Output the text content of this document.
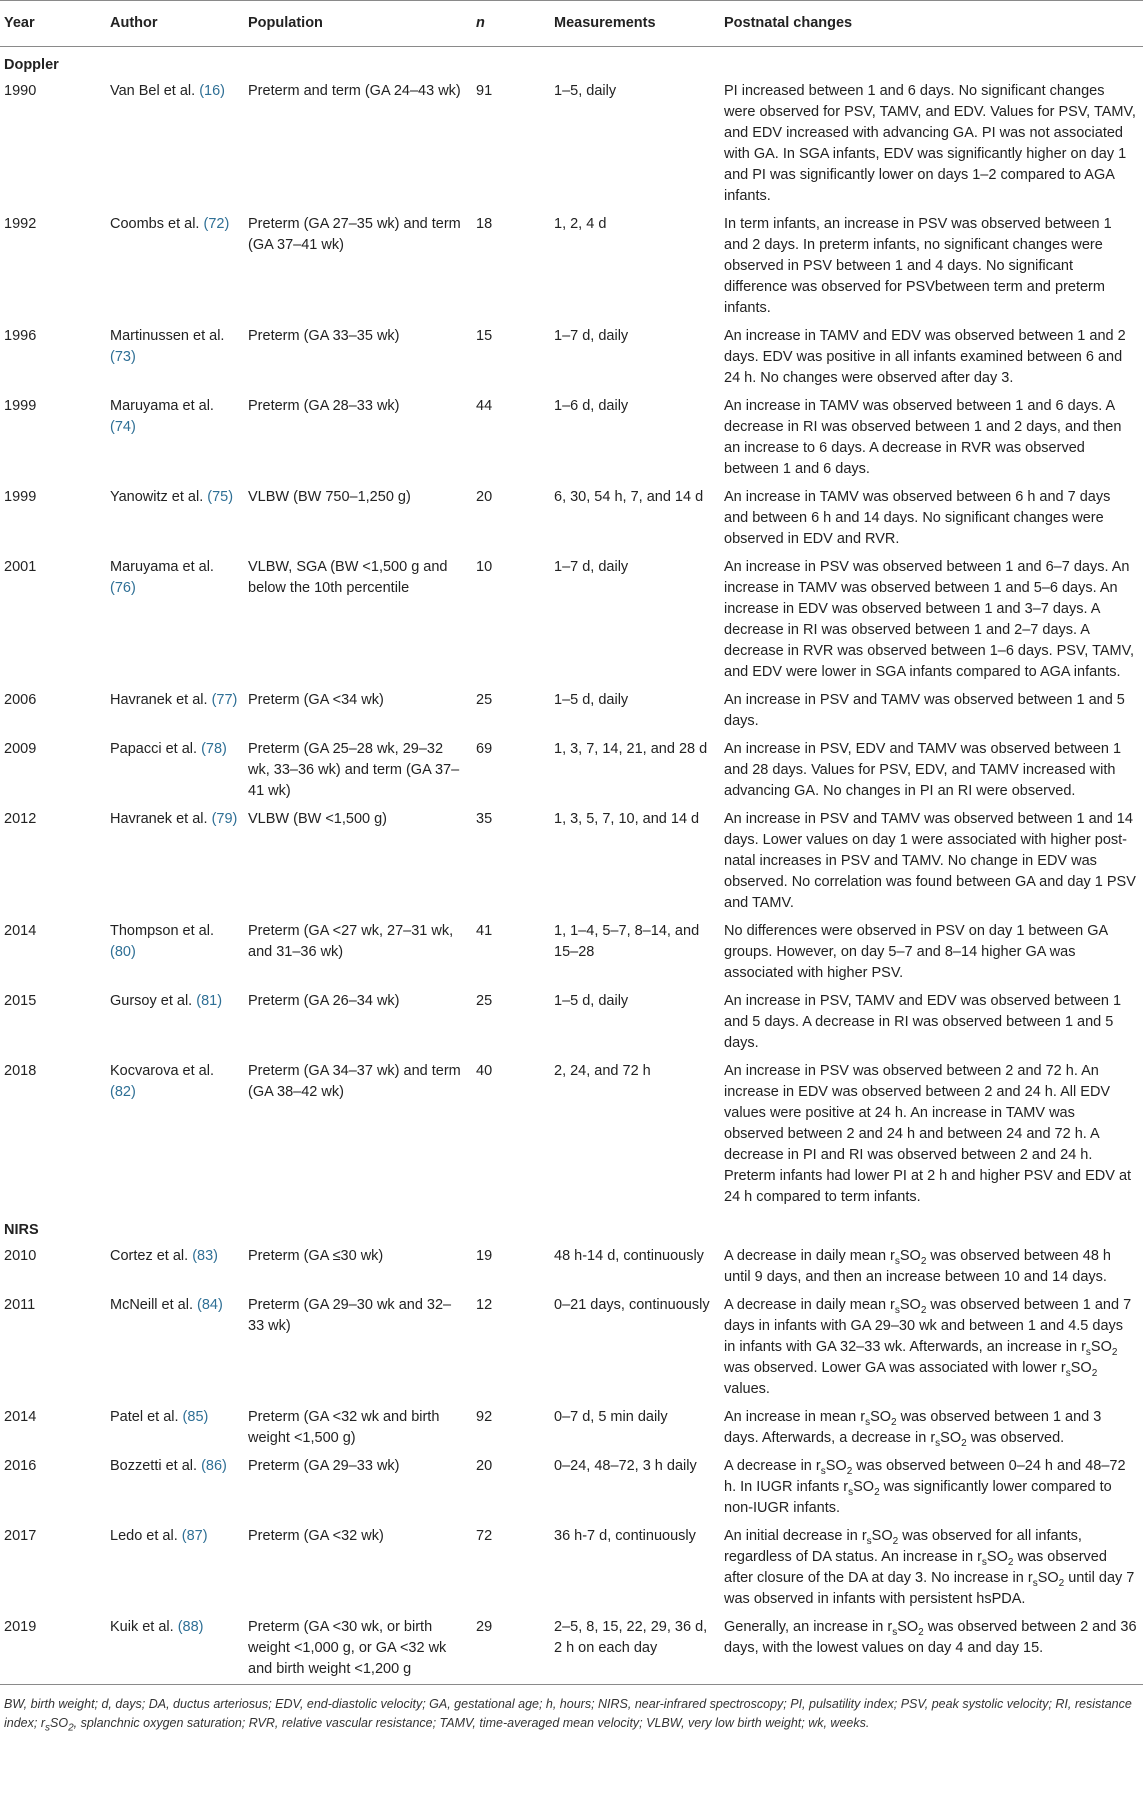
Year	Author	Population	n	Measurements	Postnatal changes
Doppler					
1990	Van Bel et al. (16)	Preterm and term (GA 24–43 wk)	91	1–5, daily	PI increased between 1 and 6 days. No significant changes were observed for PSV, TAMV, and EDV. Values for PSV, TAMV, and EDV increased with advancing GA. PI was not associated with GA. In SGA infants, EDV was significantly higher on day 1 and PI was significantly lower on days 1–2 compared to AGA infants.
1992	Coombs et al. (72)	Preterm (GA 27–35 wk) and term (GA 37–41 wk)	18	1, 2, 4 d	In term infants, an increase in PSV was observed between 1 and 2 days. In preterm infants, no significant changes were observed in PSV between 1 and 4 days. No significant difference was observed for PSVbetween term and preterm infants.
1996	Martinussen et al. (73)	Preterm (GA 33–35 wk)	15	1–7 d, daily	An increase in TAMV and EDV was observed between 1 and 2 days. EDV was positive in all infants examined between 6 and 24 h. No changes were observed after day 3.
1999	Maruyama et al. (74)	Preterm (GA 28–33 wk)	44	1–6 d, daily	An increase in TAMV was observed between 1 and 6 days. A decrease in RI was observed between 1 and 2 days, and then an increase to 6 days. A decrease in RVR was observed between 1 and 6 days.
1999	Yanowitz et al. (75)	VLBW (BW 750–1,250 g)	20	6, 30, 54 h, 7, and 14 d	An increase in TAMV was observed between 6 h and 7 days and between 6 h and 14 days. No significant changes were observed in EDV and RVR.
2001	Maruyama et al. (76)	VLBW, SGA (BW <1,500 g and below the 10th percentile	10	1–7 d, daily	An increase in PSV was observed between 1 and 6–7 days. An increase in TAMV was observed between 1 and 5–6 days. An increase in EDV was observed between 1 and 3–7 days. A decrease in RI was observed between 1 and 2–7 days. A decrease in RVR was observed between 1–6 days. PSV, TAMV, and EDV were lower in SGA infants compared to AGA infants.
2006	Havranek et al. (77)	Preterm (GA <34 wk)	25	1–5 d, daily	An increase in PSV and TAMV was observed between 1 and 5 days.
2009	Papacci et al. (78)	Preterm (GA 25–28 wk, 29–32 wk, 33–36 wk) and term (GA 37–41 wk)	69	1, 3, 7, 14, 21, and 28 d	An increase in PSV, EDV and TAMV was observed between 1 and 28 days. Values for PSV, EDV, and TAMV increased with advancing GA. No changes in PI an RI were observed.
2012	Havranek et al. (79)	VLBW (BW <1,500 g)	35	1, 3, 5, 7, 10, and 14 d	An increase in PSV and TAMV was observed between 1 and 14 days. Lower values on day 1 were associated with higher post-natal increases in PSV and TAMV. No change in EDV was observed. No correlation was found between GA and day 1 PSV and TAMV.
2014	Thompson et al. (80)	Preterm (GA <27 wk, 27–31 wk, and 31–36 wk)	41	1, 1–4, 5–7, 8–14, and 15–28	No differences were observed in PSV on day 1 between GA groups. However, on day 5–7 and 8–14 higher GA was associated with higher PSV.
2015	Gursoy et al. (81)	Preterm (GA 26–34 wk)	25	1–5 d, daily	An increase in PSV, TAMV and EDV was observed between 1 and 5 days. A decrease in RI was observed between 1 and 5 days.
2018	Kocvarova et al. (82)	Preterm (GA 34–37 wk) and term (GA 38–42 wk)	40	2, 24, and 72 h	An increase in PSV was observed between 2 and 72 h. An increase in EDV was observed between 2 and 24 h. All EDV values were positive at 24 h. An increase in TAMV was observed between 2 and 24 h and between 24 and 72 h. A decrease in PI and RI was observed between 2 and 24 h. Preterm infants had lower PI at 2 h and higher PSV and EDV at 24 h compared to term infants.
NIRS					
2010	Cortez et al. (83)	Preterm (GA ≤30 wk)	19	48 h-14 d, continuously	A decrease in daily mean $r_sSO_2$ was observed between 48 h until 9 days, and then an increase between 10 and 14 days.
2011	McNeill et al. (84)	Preterm (GA 29–30 wk and 32–33 wk)	12	0–21 days, continuously	A decrease in daily mean $r_sSO_2$ was observed between 1 and 7 days in infants with GA 29–30 wk and between 1 and 4.5 days in infants with GA 32–33 wk. Afterwards, an increase in $r_sSO_2$ was observed. Lower GA was associated with lower $r_sSO_2$ values.
2014	Patel et al. (85)	Preterm (GA <32 wk and birth weight <1,500 g)	92	0–7 d, 5 min daily	An increase in mean $r_sSO_2$ was observed between 1 and 3 days. Afterwards, a decrease in $r_sSO_2$ was observed.
2016	Bozzetti et al. (86)	Preterm (GA 29–33 wk)	20	0–24, 48–72, 3 h daily	A decrease in $r_sSO_2$ was observed between 0–24 h and 48–72 h. In IUGR infants $r_sSO_2$ was significantly lower compared to non-IUGR infants.
2017	Ledo et al. (87)	Preterm (GA <32 wk)	72	36 h-7 d, continuously	An initial decrease in $r_sSO_2$ was observed for all infants, regardless of DA status. An increase in $r_sSO_2$ was observed after closure of the DA at day 3. No increase in $r_sSO_2$ until day 7 was observed in infants with persistent hsPDA.
2019	Kuik et al. (88)	Preterm (GA <30 wk, or birth weight <1,000 g, or GA <32 wk and birth weight <1,200 g	29	2–5, 8, 15, 22, 29, 36 d, 2 h on each day	Generally, an increase in $r_sSO_2$ was observed between 2 and 36 days, with the lowest values on day 4 and day 15.
BW, birth weight; d, days; DA, ductus arteriosus; EDV, end-diastolic velocity; GA, gestational age; h, hours; NIRS, near-infrared spectroscopy; PI, pulsatility index; PSV, peak systolic velocity; RI, resistance index; $r_sSO_2$, splanchnic oxygen saturation; RVR, relative vascular resistance; TAMV, time-averaged mean velocity; VLBW, very low birth weight; wk, weeks.					
